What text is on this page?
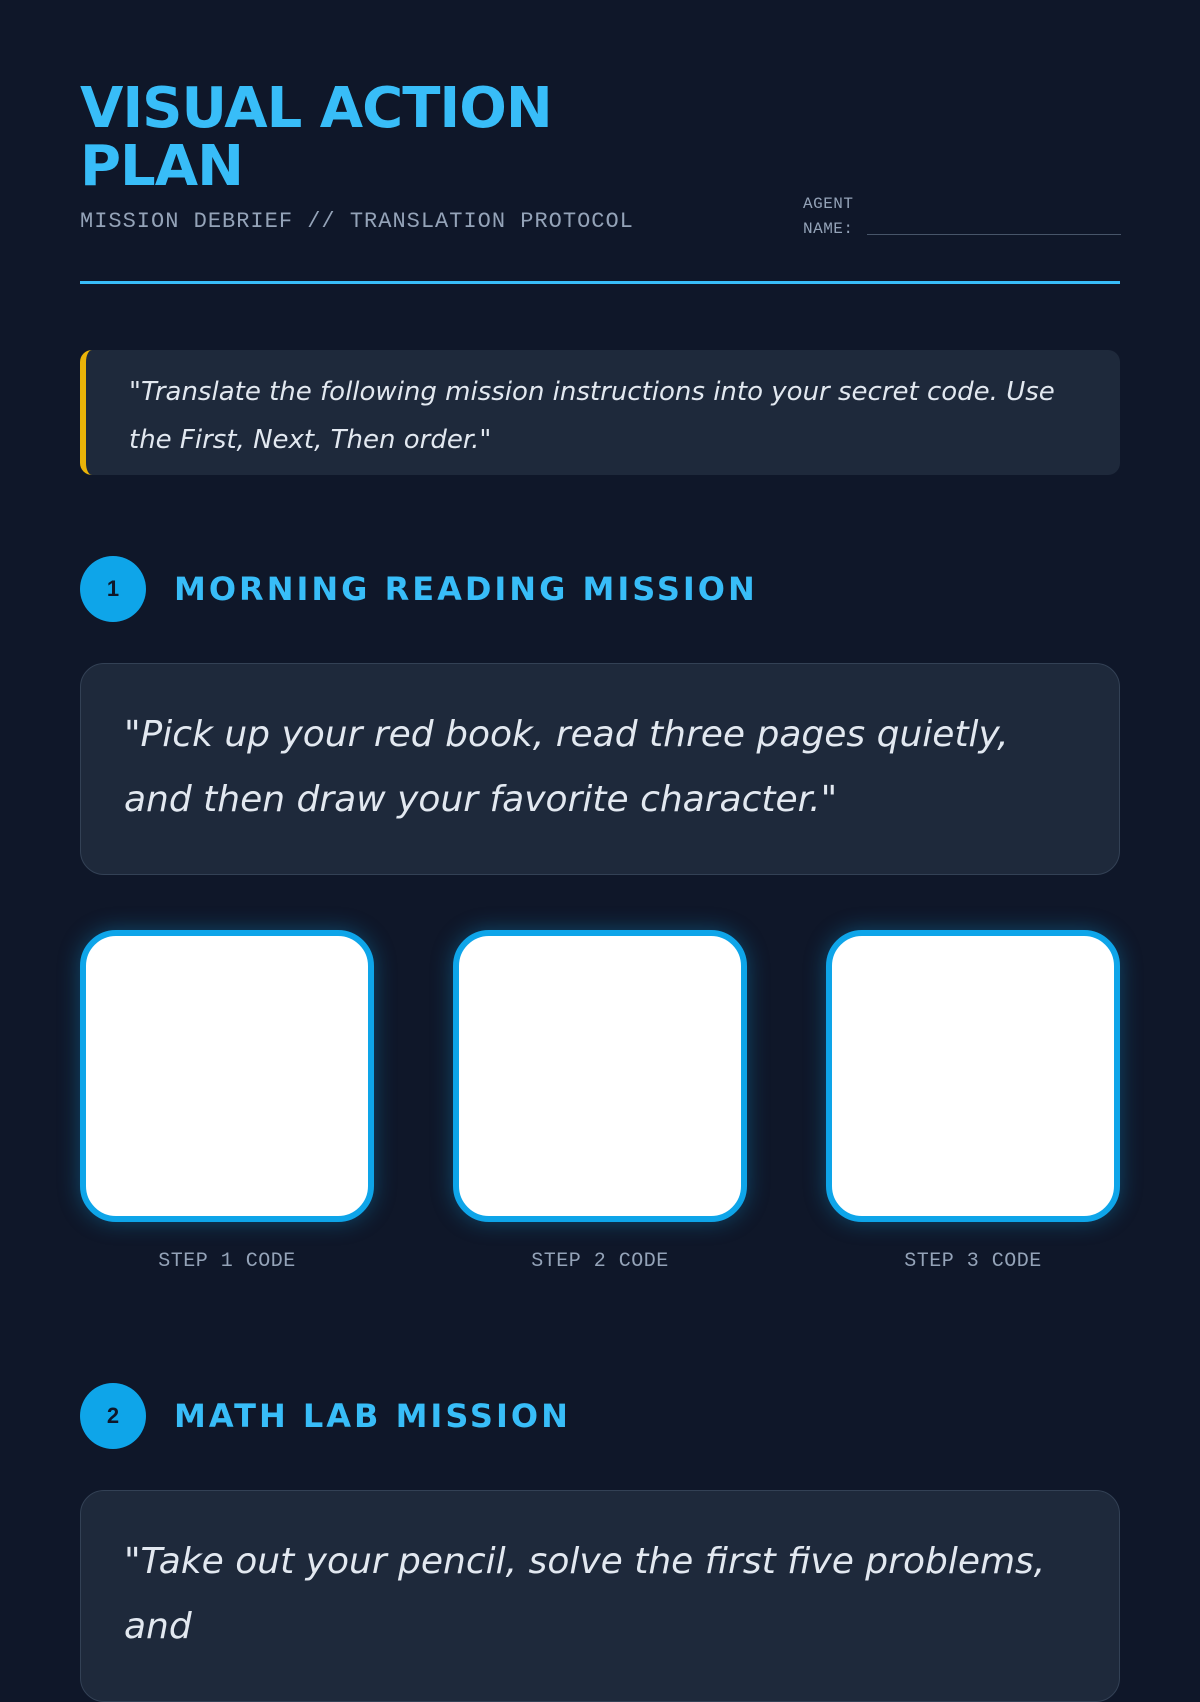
VISUAL ACTION PLAN
MISSION DEBRIEF // TRANSLATION PROTOCOL
AGENT NAME:
"Translate the following mission instructions into your secret code. Use the First, Next, Then order."
1	MORNING READING MISSION
"Pick up your red book, read three pages quietly, and then draw your favorite character."
STEP 1 CODE	STEP 2 CODE	STEP 3 CODE
2	MATH LAB MISSION
"Take out your pencil, solve the first five problems, and
